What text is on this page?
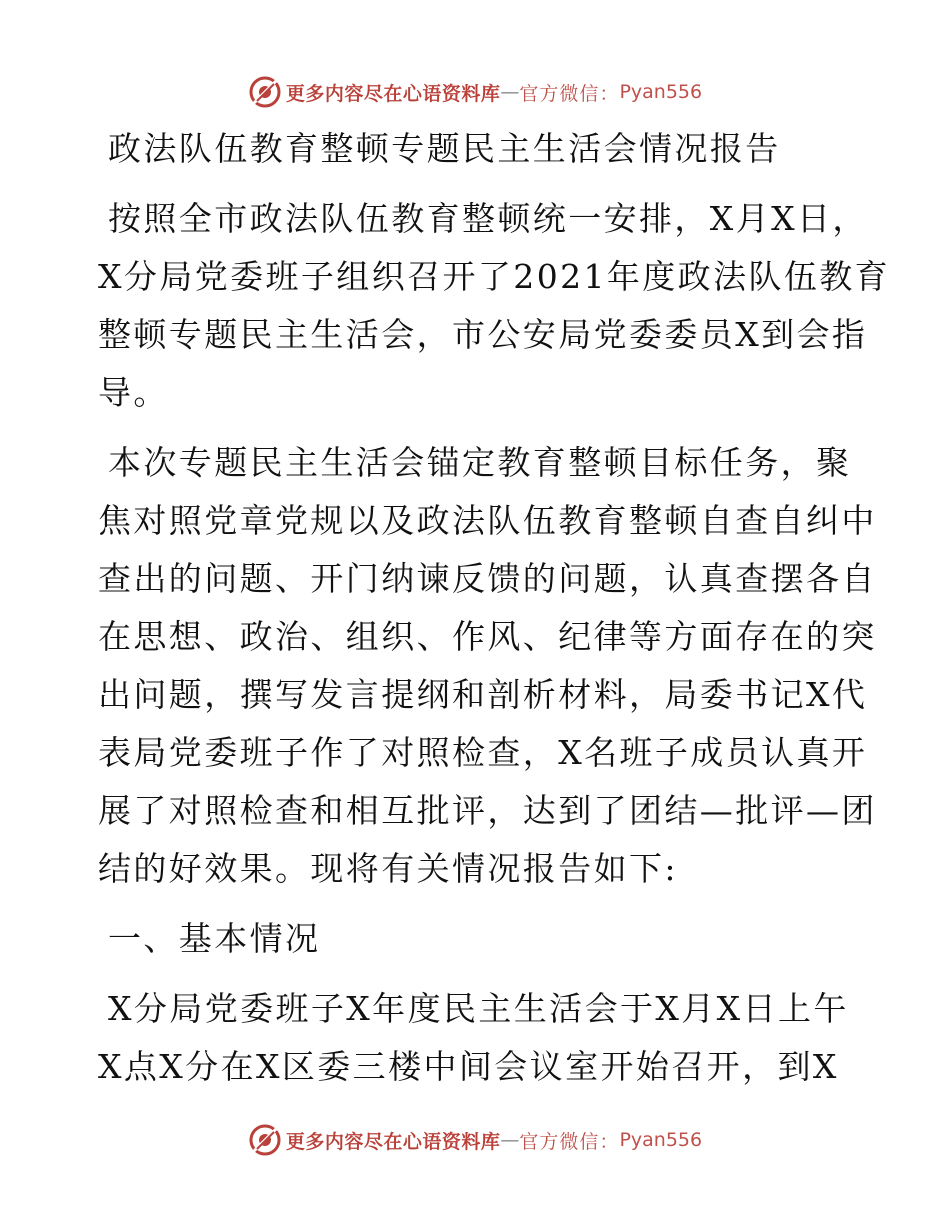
更多内容尽在心语资料库 — 官方微信： Pyan556
政法队伍教育整顿专题民主生活会情况报告
按照全市政法队伍教育整顿统一安排，X月X日，
X分局党委班子组织召开了2021年度政法队伍教育
整顿专题民主生活会，市公安局党委委员X到会指
导。
本次专题民主生活会锚定教育整顿目标任务，聚
焦对照党章党规以及政法队伍教育整顿自查自纠中
查出的问题、开门纳谏反馈的问题，认真查摆各自
在思想、政治、组织、作风、纪律等方面存在的突
出问题，撰写发言提纲和剖析材料，局委书记X代
表局党委班子作了对照检查，X名班子成员认真开
展了对照检查和相互批评，达到了团结—批评—团
结的好效果。现将有关情况报告如下:
一、基本情况
X分局党委班子X年度民主生活会于X月X日上午
X点X分在X区委三楼中间会议室开始召开，到X
更多内容尽在心语资料库 — 官方微信： Pyan556
